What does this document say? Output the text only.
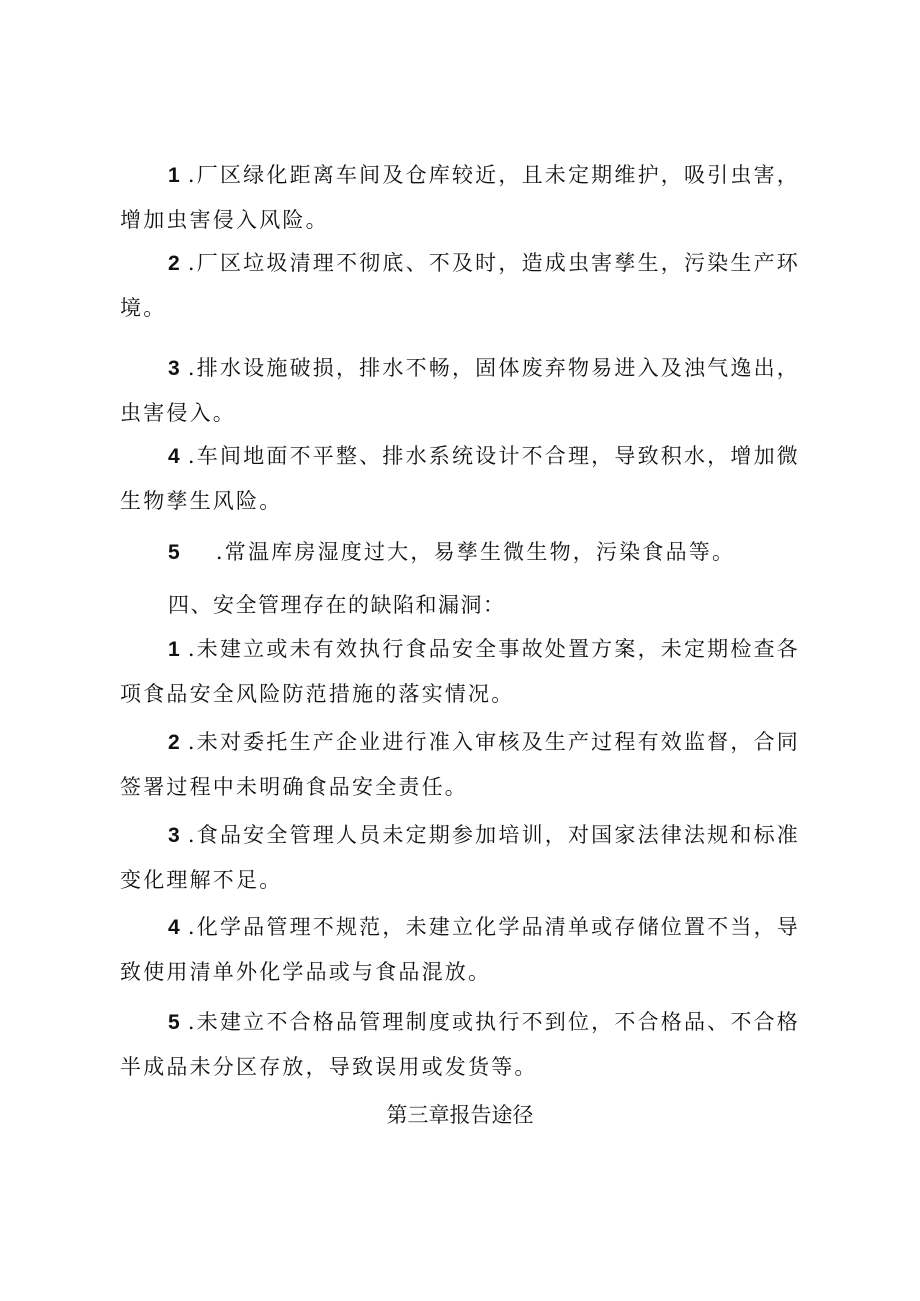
1 .厂区绿化距离车间及仓库较近，且未定期维护，吸引虫害，增加虫害侵入风险。

2 .厂区垃圾清理不彻底、不及时，造成虫害孳生，污染生产环境。

3 .排水设施破损，排水不畅，固体废弃物易进入及浊气逸出，虫害侵入。

4 .车间地面不平整、排水系统设计不合理，导致积水，增加微生物孳生风险。

5 .常温库房湿度过大，易孳生微生物，污染食品等。

四、安全管理存在的缺陷和漏洞：

1 .未建立或未有效执行食品安全事故处置方案，未定期检查各项食品安全风险防范措施的落实情况。

2 .未对委托生产企业进行准入审核及生产过程有效监督，合同签署过程中未明确食品安全责任。

3 .食品安全管理人员未定期参加培训，对国家法律法规和标准变化理解不足。

4 .化学品管理不规范，未建立化学品清单或存储位置不当，导致使用清单外化学品或与食品混放。

5 .未建立不合格品管理制度或执行不到位，不合格品、不合格半成品未分区存放，导致误用或发货等。

第三章报告途径
